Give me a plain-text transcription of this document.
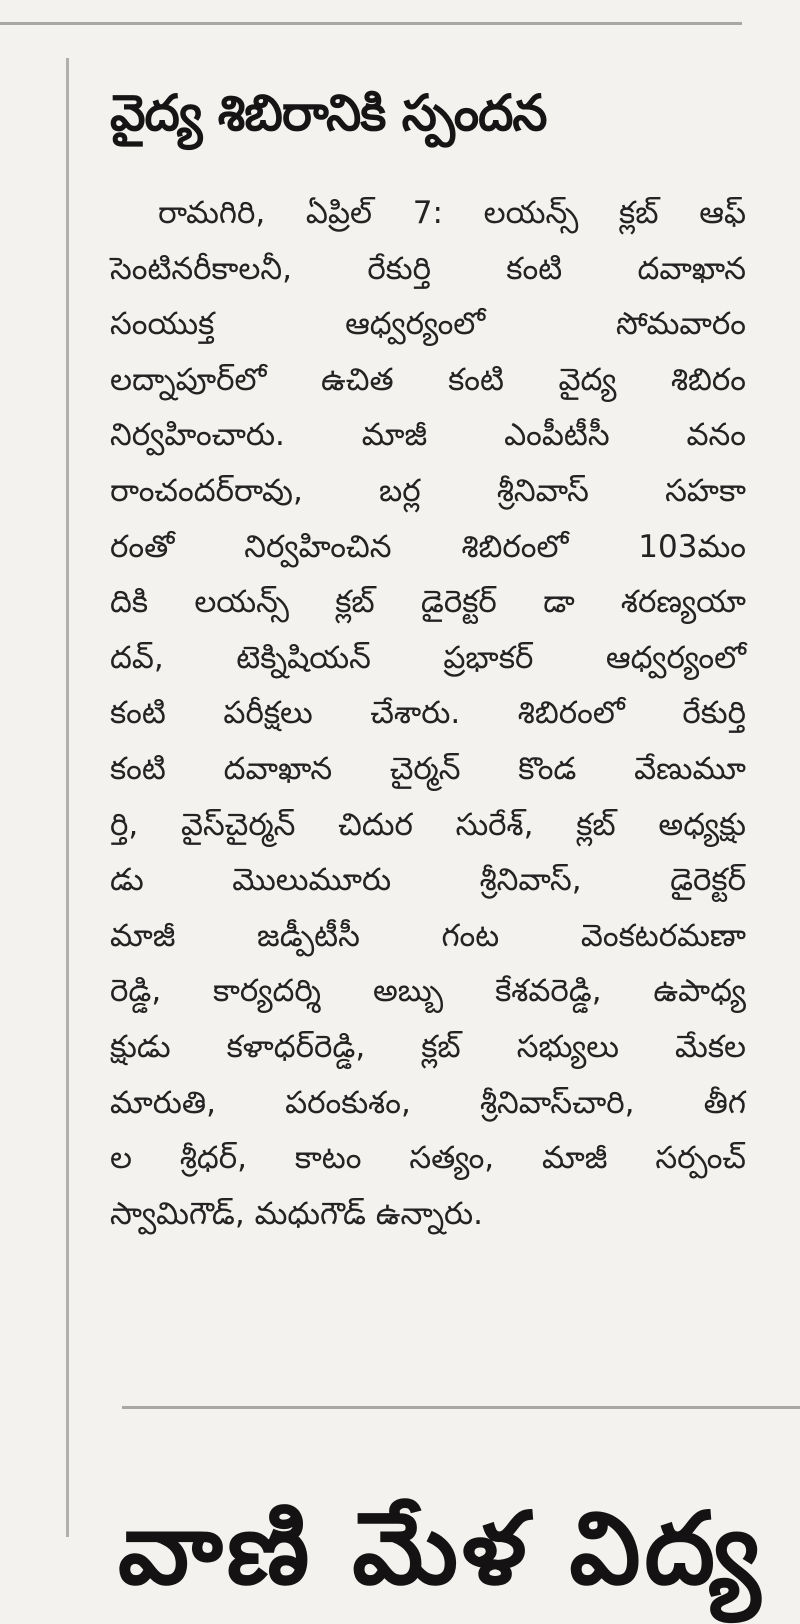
వైద్య శిబిరానికి స్పందన
రామగిరి, ఏప్రిల్ 7: లయన్స్ క్లబ్ ఆఫ్
సెంటినరీకాలనీ, రేకుర్తి కంటి దవాఖాన
సంయుక్త ఆధ్వర్యంలో సోమవారం
లద్నాపూర్‌లో ఉచిత కంటి వైద్య శిబిరం
నిర్వహించారు. మాజీ ఎంపీటీసీ వనం
రాంచందర్‌రావు, బర్ల శ్రీనివాస్ సహకా
రంతో నిర్వహించిన శిబిరంలో 103మం
దికి లయన్స్ క్లబ్ డైరెక్టర్ డా శరణ్యయా
దవ్, టెక్నిషియన్ ప్రభాకర్ ఆధ్వర్యంలో
కంటి పరీక్షలు చేశారు. శిబిరంలో రేకుర్తి
కంటి దవాఖాన చైర్మన్ కొండ వేణుమూ
ర్తి, వైస్‌చైర్మన్ చిదుర సురేశ్, క్లబ్ అధ్యక్షు
డు మొలుమూరు శ్రీనివాస్, డైరెక్టర్
మాజీ జడ్పీటీసీ గంట వెంకటరమణా
రెడ్డి, కార్యదర్శి అబ్బు కేశవరెడ్డి, ఉపాధ్య
క్షుడు కళాధర్‌రెడ్డి, క్లబ్ సభ్యులు మేకల
మారుతి, పరంకుశం, శ్రీనివాస్‌చారి, తీగ
ల శ్రీధర్, కాటం సత్యం, మాజీ సర్పంచ్
స్వామిగౌడ్, మధుగౌడ్ ఉన్నారు.
వాణి మేళ విద్య
